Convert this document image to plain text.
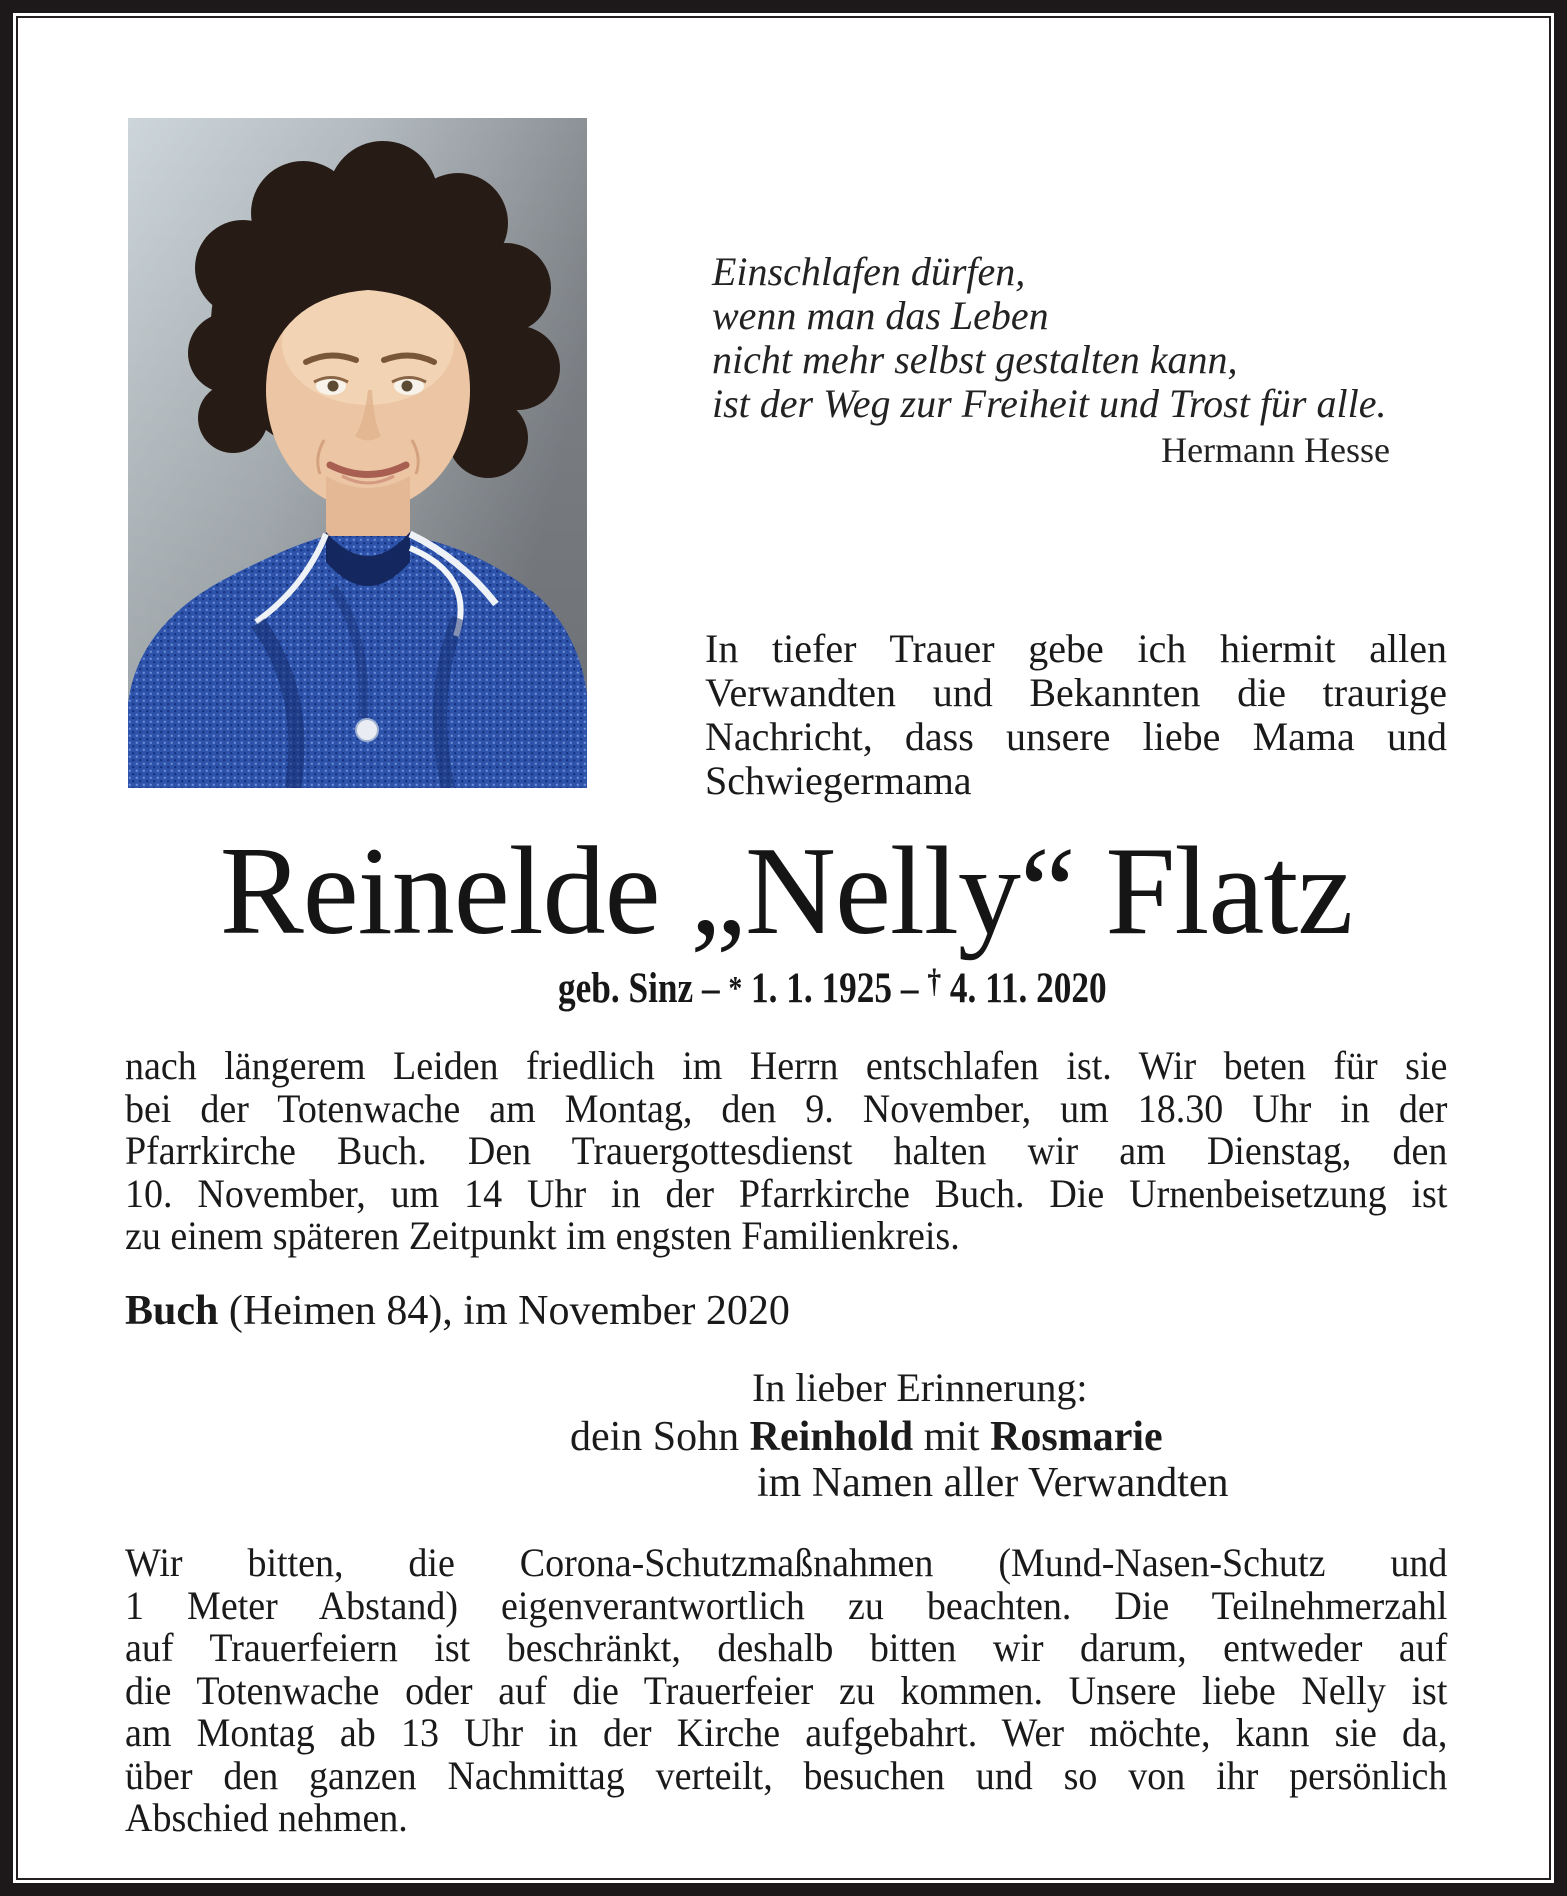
Einschlafen dürfen,
wenn man das Leben
nicht mehr selbst gestalten kann,
ist der Weg zur Freiheit und Trost für alle.
Hermann Hesse
In tiefer Trauer gebe ich hiermit allen
Verwandten und Bekannten die traurige
Nachricht, dass unsere liebe Mama und
Schwiegermama
Reinelde „Nelly“ Flatz
geb. Sinz – * 1. 1. 1925 – † 4. 11. 2020
nach längerem Leiden friedlich im Herrn entschlafen ist. Wir beten für sie
bei der Totenwache am Montag, den 9. November, um 18.30 Uhr in der
Pfarrkirche Buch. Den Trauergottesdienst halten wir am Dienstag, den
10. November, um 14 Uhr in der Pfarrkirche Buch. Die Urnenbeisetzung ist
zu einem späteren Zeitpunkt im engsten Familienkreis.
Buch (Heimen 84), im November 2020
In lieber Erinnerung:
dein Sohn Reinhold mit Rosmarie
im Namen aller Verwandten
Wir bitten, die Corona-Schutzmaßnahmen (Mund-Nasen-Schutz und
1 Meter Abstand) eigenverantwortlich zu beachten. Die Teilnehmerzahl
auf Trauerfeiern ist beschränkt, deshalb bitten wir darum, entweder auf
die Totenwache oder auf die Trauerfeier zu kommen. Unsere liebe Nelly ist
am Montag ab 13 Uhr in der Kirche aufgebahrt. Wer möchte, kann sie da,
über den ganzen Nachmittag verteilt, besuchen und so von ihr persönlich
Abschied nehmen.
